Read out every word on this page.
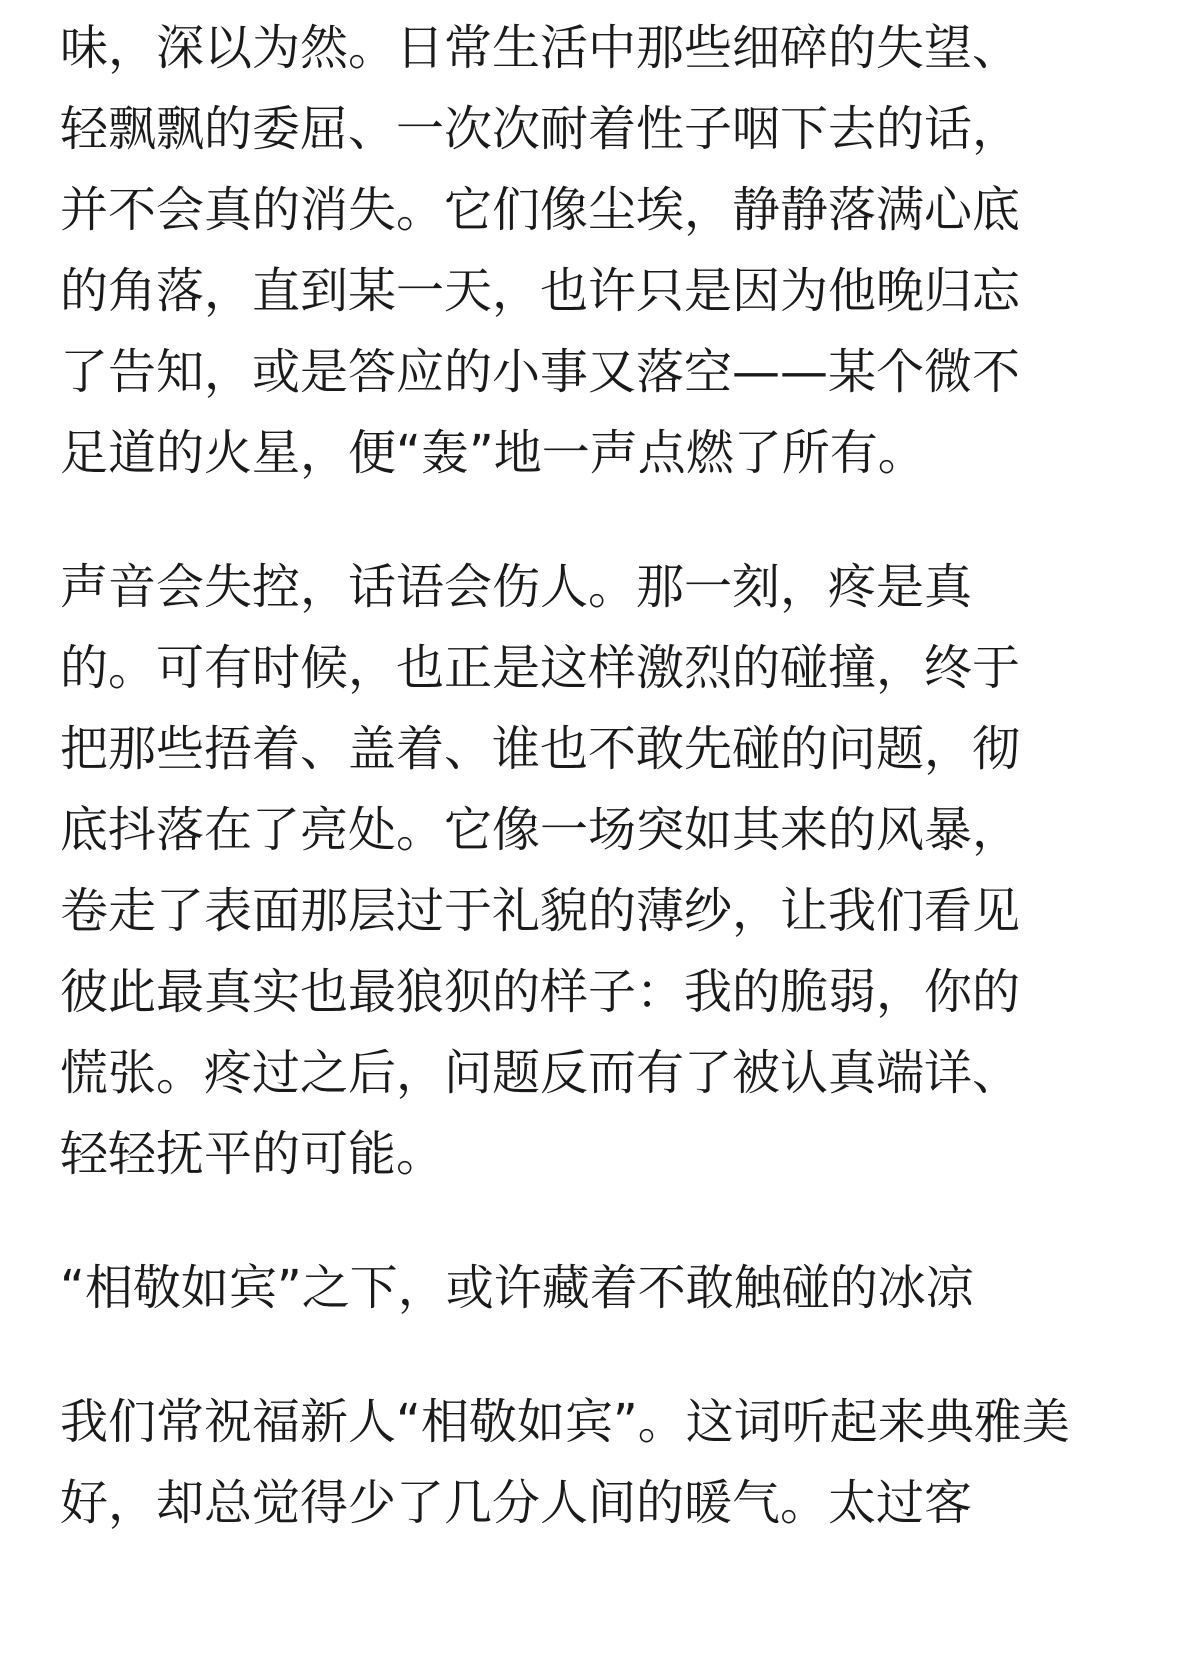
味，深以为然。日常生活中那些细碎的失望、
轻飘飘的委屈、一次次耐着性子咽下去的话，
并不会真的消失。它们像尘埃，静静落满心底
的角落，直到某一天，也许只是因为他晚归忘
了告知，或是答应的小事又落空——某个微不
足道的火星，便“轰”地一声点燃了所有。
声音会失控，话语会伤人。那一刻，疼是真
的。可有时候，也正是这样激烈的碰撞，终于
把那些捂着、盖着、谁也不敢先碰的问题，彻
底抖落在了亮处。它像一场突如其来的风暴，
卷走了表面那层过于礼貌的薄纱，让我们看见
彼此最真实也最狼狈的样子：我的脆弱，你的
慌张。疼过之后，问题反而有了被认真端详、
轻轻抚平的可能。
“相敬如宾”之下，或许藏着不敢触碰的冰凉
我们常祝福新人“相敬如宾”。这词听起来典雅美
好，却总觉得少了几分人间的暖气。太过客
